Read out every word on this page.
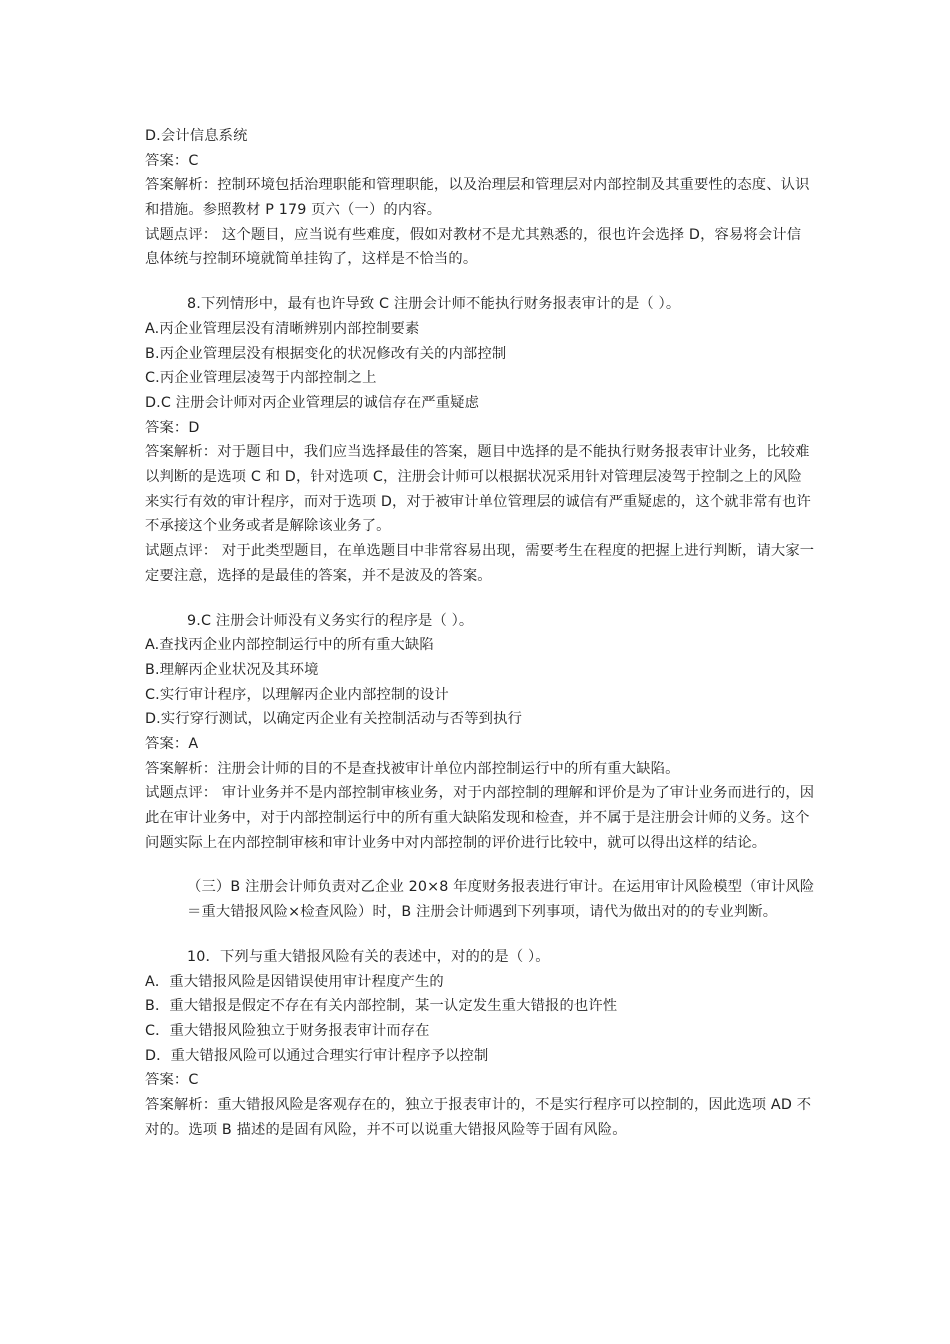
D.会计信息系统
答案：C
答案解析：控制环境包括治理职能和管理职能，以及治理层和管理层对内部控制及其重要性的态度、认识和措施。参照教材 P 179 页六（一）的内容。
试题点评： 这个题目，应当说有些难度，假如对教材不是尤其熟悉的，很也许会选择 D，容易将会计信息体统与控制环境就简单挂钩了，这样是不恰当的。
8.下列情形中，最有也许导致 C 注册会计师不能执行财务报表审计的是（ ）。
A.丙企业管理层没有清晰辨别内部控制要素
B.丙企业管理层没有根据变化的状况修改有关的内部控制
C.丙企业管理层凌驾于内部控制之上
D.C 注册会计师对丙企业管理层的诚信存在严重疑虑
答案：D
答案解析：对于题目中，我们应当选择最佳的答案，题目中选择的是不能执行财务报表审计业务，比较难以判断的是选项 C 和 D，针对选项 C，注册会计师可以根据状况采用针对管理层凌驾于控制之上的风险来实行有效的审计程序，而对于选项 D，对于被审计单位管理层的诚信有严重疑虑的，这个就非常有也许不承接这个业务或者是解除该业务了。
试题点评： 对于此类型题目，在单选题目中非常容易出现，需要考生在程度的把握上进行判断，请大家一定要注意，选择的是最佳的答案，并不是波及的答案。
9.C 注册会计师没有义务实行的程序是（ ）。
A.查找丙企业内部控制运行中的所有重大缺陷
B.理解丙企业状况及其环境
C.实行审计程序，以理解丙企业内部控制的设计
D.实行穿行测试，以确定丙企业有关控制活动与否等到执行
答案：A
答案解析：注册会计师的目的不是查找被审计单位内部控制运行中的所有重大缺陷。
试题点评： 审计业务并不是内部控制审核业务，对于内部控制的理解和评价是为了审计业务而进行的，因此在审计业务中，对于内部控制运行中的所有重大缺陷发现和检查，并不属于是注册会计师的义务。这个问题实际上在内部控制审核和审计业务中对内部控制的评价进行比较中，就可以得出这样的结论。
（三）B 注册会计师负责对乙企业 20×8 年度财务报表进行审计。在运用审计风险模型（审计风险＝重大错报风险×检查风险）时，B 注册会计师遇到下列事项，请代为做出对的的专业判断。
10．下列与重大错报风险有关的表述中，对的的是（ ）。
A．重大错报风险是因错误使用审计程度产生的
B．重大错报是假定不存在有关内部控制，某一认定发生重大错报的也许性
C．重大错报风险独立于财务报表审计而存在
D．重大错报风险可以通过合理实行审计程序予以控制
答案：C
答案解析：重大错报风险是客观存在的，独立于报表审计的，不是实行程序可以控制的，因此选项 AD 不对的。选项 B 描述的是固有风险，并不可以说重大错报风险等于固有风险。
